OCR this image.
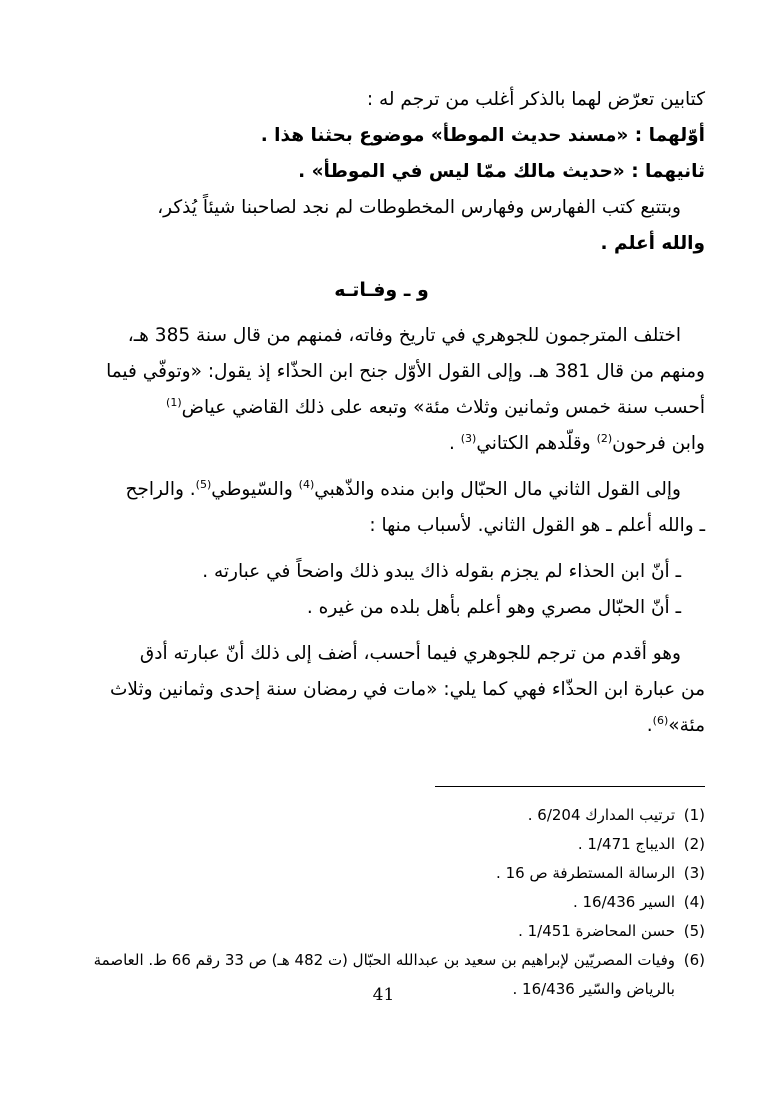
كتابين تعرّض لهما بالذكر أغلب من ترجم له :
أوّلهما : «مسند حديث الموطأ» موضوع بحثنا هذا .
ثانيهما : «حديث مالك ممّا ليس في الموطأ» .

وبتتبع كتب الفهارس وفهارس المخطوطات لم نجد لصاحبنا شيئاً يُذكر،
والله أعلم .

و ـ وفـاتـه

اختلف المترجمون للجوهري في تاريخ وفاته، فمنهم من قال سنة 385 هـ،
ومنهم من قال 381 هـ. وإلى القول الأوّل جنح ابن الحذّاء إذ يقول: «وتوفّي فيما
أحسب سنة خمس وثمانين وثلاث مئة» وتبعه على ذلك القاضي عياض$^{(1)}$
وابن فرحون$^{(2)}$ وقلّدهم الكتاني$^{(3)}$ .

وإلى القول الثاني مال الحبّال وابن منده والذّهبي$^{(4)}$ والسّيوطي$^{(5)}$. والراجح
ـ والله أعلم ـ هو القول الثاني. لأسباب منها :

ـ أنّ ابن الحذاء لم يجزم بقوله ذاك يبدو ذلك واضحاً في عبارته .
ـ أنّ الحبّال مصري وهو أعلم بأهل بلده من غيره .

وهو أقدم من ترجم للجوهري فيما أحسب، أضف إلى ذلك أنّ عبارته أدق
من عبارة ابن الحذّاء فهي كما يلي: «مات في رمضان سنة إحدى وثمانين وثلاث
مئة»$^{(6)}$.

(1)
ترتيب المدارك 6/204 .
(2)
الديباج 1/471 .
(3)
الرسالة المستطرفة ص 16 .
(4)
السير 16/436 .
(5)
حسن المحاضرة 1/451 .
(6)
وفيات المصريّين لإبراهيم بن سعيد بن عبدالله الحبّال (ت 482 هـ) ص 33 رقم 66 ط. العاصمة بالرياض والسّير 16/436 .
41
